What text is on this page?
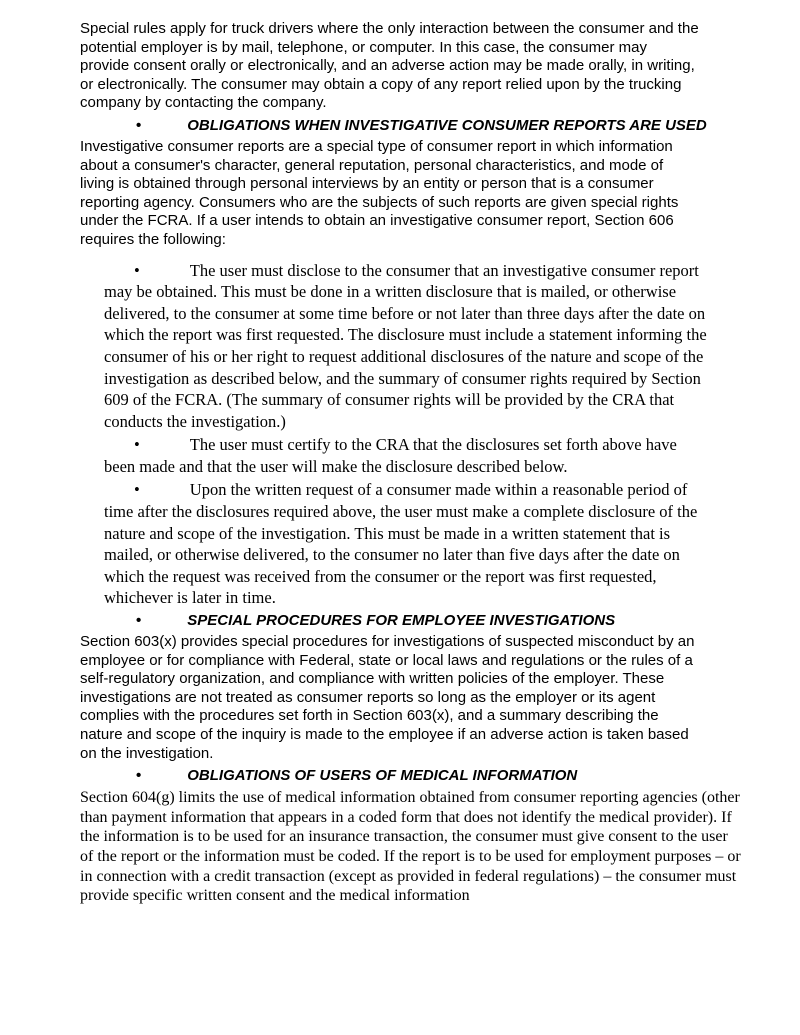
Special rules apply for truck drivers where the only interaction between the consumer and the potential employer is by mail, telephone, or computer. In this case, the consumer may provide consent orally or electronically, and an adverse action may be made orally, in writing, or electronically. The consumer may obtain a copy of any report relied upon by the trucking company by contacting the company.

•	OBLIGATIONS WHEN INVESTIGATIVE CONSUMER REPORTS ARE USED

Investigative consumer reports are a special type of consumer report in which information about a consumer's character, general reputation, personal characteristics, and mode of living is obtained through personal interviews by an entity or person that is a consumer reporting agency. Consumers who are the subjects of such reports are given special rights under the FCRA. If a user intends to obtain an investigative consumer report, Section 606 requires the following:

•	The user must disclose to the consumer that an investigative consumer report may be obtained. This must be done in a written disclosure that is mailed, or otherwise delivered, to the consumer at some time before or not later than three days after the date on which the report was first requested. The disclosure must include a statement informing the consumer of his or her right to request additional disclosures of the nature and scope of the investigation as described below, and the summary of consumer rights required by Section 609 of the FCRA. (The summary of consumer rights will be provided by the CRA that conducts the investigation.)
•	The user must certify to the CRA that the disclosures set forth above have been made and that the user will make the disclosure described below.
•	Upon the written request of a consumer made within a reasonable period of time after the disclosures required above, the user must make a complete disclosure of the nature and scope of the investigation. This must be made in a written statement that is mailed, or otherwise delivered, to the consumer no later than five days after the date on which the request was received from the consumer or the report was first requested, whichever is later in time.
•	SPECIAL PROCEDURES FOR EMPLOYEE INVESTIGATIONS

Section 603(x) provides special procedures for investigations of suspected misconduct by an employee or for compliance with Federal, state or local laws and regulations or the rules of a self-regulatory organization, and compliance with written policies of the employer. These investigations are not treated as consumer reports so long as the employer or its agent complies with the procedures set forth in Section 603(x), and a summary describing the nature and scope of the inquiry is made to the employee if an adverse action is taken based on the investigation.

•	OBLIGATIONS OF USERS OF MEDICAL INFORMATION

Section 604(g) limits the use of medical information obtained from consumer reporting agencies (other than payment information that appears in a coded form that does not identify the medical provider). If the information is to be used for an insurance transaction, the consumer must give consent to the user of the report or the information must be coded. If the report is to be used for employment purposes – or in connection with a credit transaction (except as provided in federal regulations) – the consumer must provide specific written consent and the medical information
